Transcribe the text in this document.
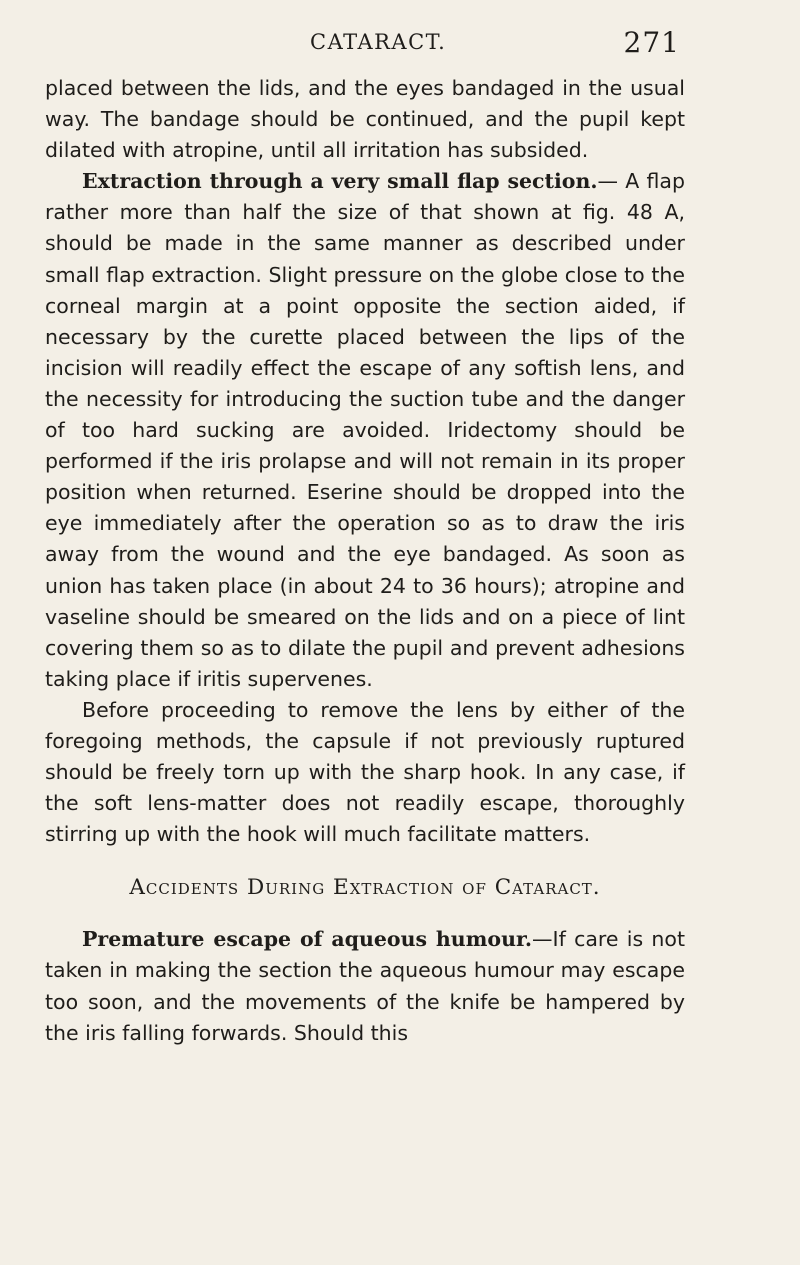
CATARACT.	271

placed between the lids, and the eyes bandaged in the usual way. The bandage should be continued, and the pupil kept dilated with atropine, until all irritation has subsided.

Extraction through a very small flap section.— A flap rather more than half the size of that shown at fig. 48 A, should be made in the same manner as described under small flap extraction. Slight pressure on the globe close to the corneal margin at a point opposite the section aided, if necessary by the curette placed between the lips of the incision will readily effect the escape of any softish lens, and the necessity for introducing the suction tube and the danger of too hard sucking are avoided. Iridectomy should be performed if the iris prolapse and will not remain in its proper position when returned. Eserine should be dropped into the eye immediately after the operation so as to draw the iris away from the wound and the eye bandaged. As soon as union has taken place (in about 24 to 36 hours); atropine and vaseline should be smeared on the lids and on a piece of lint covering them so as to dilate the pupil and prevent adhesions taking place if iritis supervenes.

Before proceeding to remove the lens by either of the foregoing methods, the capsule if not previously ruptured should be freely torn up with the sharp hook. In any case, if the soft lens-matter does not readily escape, thoroughly stirring up with the hook will much facilitate matters.

Accidents During Extraction of Cataract.

Premature escape of aqueous humour.—If care is not taken in making the section the aqueous humour may escape too soon, and the movements of the knife be hampered by the iris falling forwards. Should this
